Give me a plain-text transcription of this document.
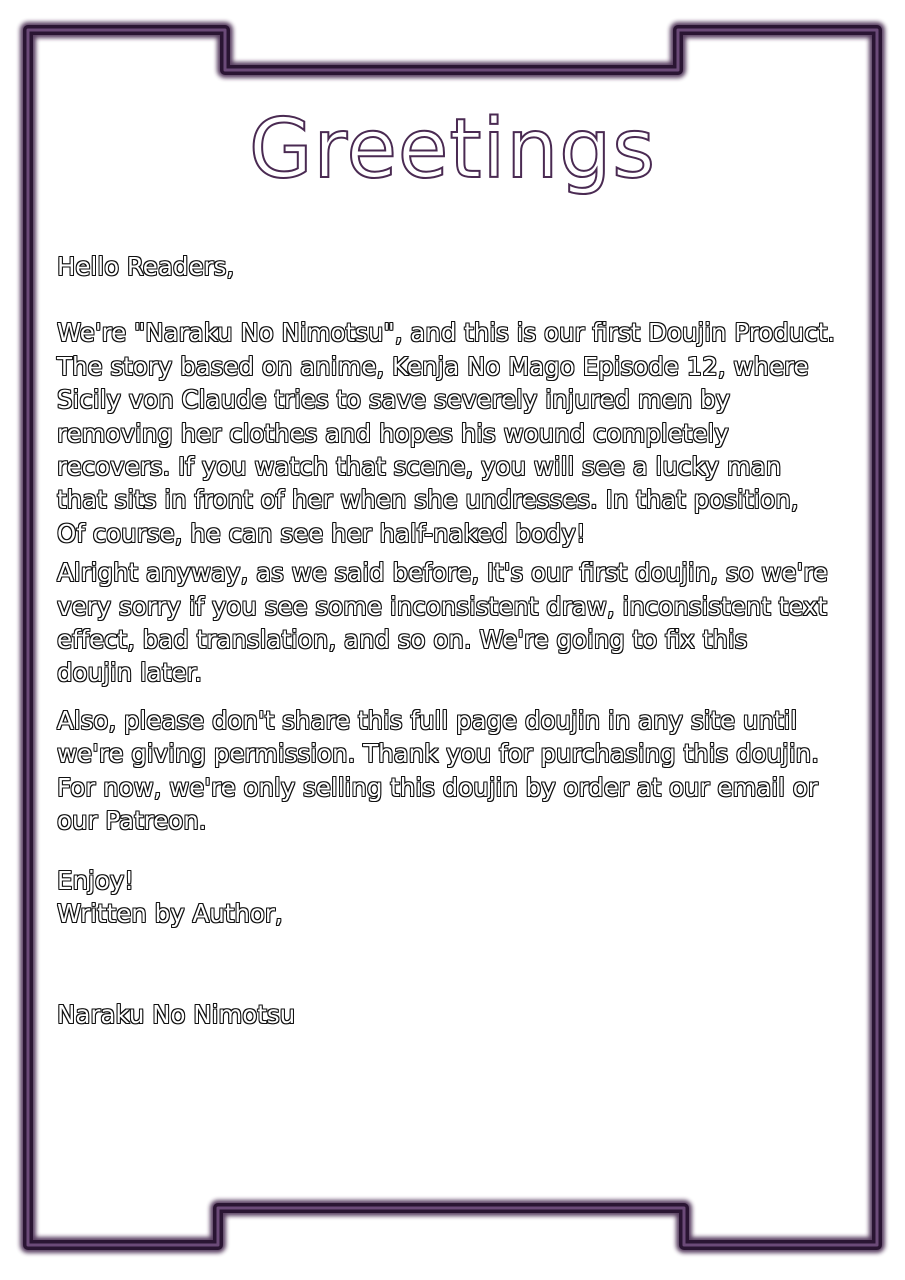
Greetings

Hello Readers,

We're "Naraku No Nimotsu", and this is our first Doujin Product.
The story based on anime, Kenja No Mago Episode 12, where
Sicily von Claude tries to save severely injured men by
removing her clothes and hopes his wound completely
recovers. If you watch that scene, you will see a lucky man
that sits in front of her when she undresses. In that position,
Of course, he can see her half-naked body!

Alright anyway, as we said before, It's our first doujin, so we're
very sorry if you see some inconsistent draw, inconsistent text
effect, bad translation, and so on. We're going to fix this
doujin later.

Also, please don't share this full page doujin in any site until
we're giving permission. Thank you for purchasing this doujin.
For now, we're only selling this doujin by order at our email or
our Patreon.

Enjoy!

Written by Author,

Naraku No Nimotsu
